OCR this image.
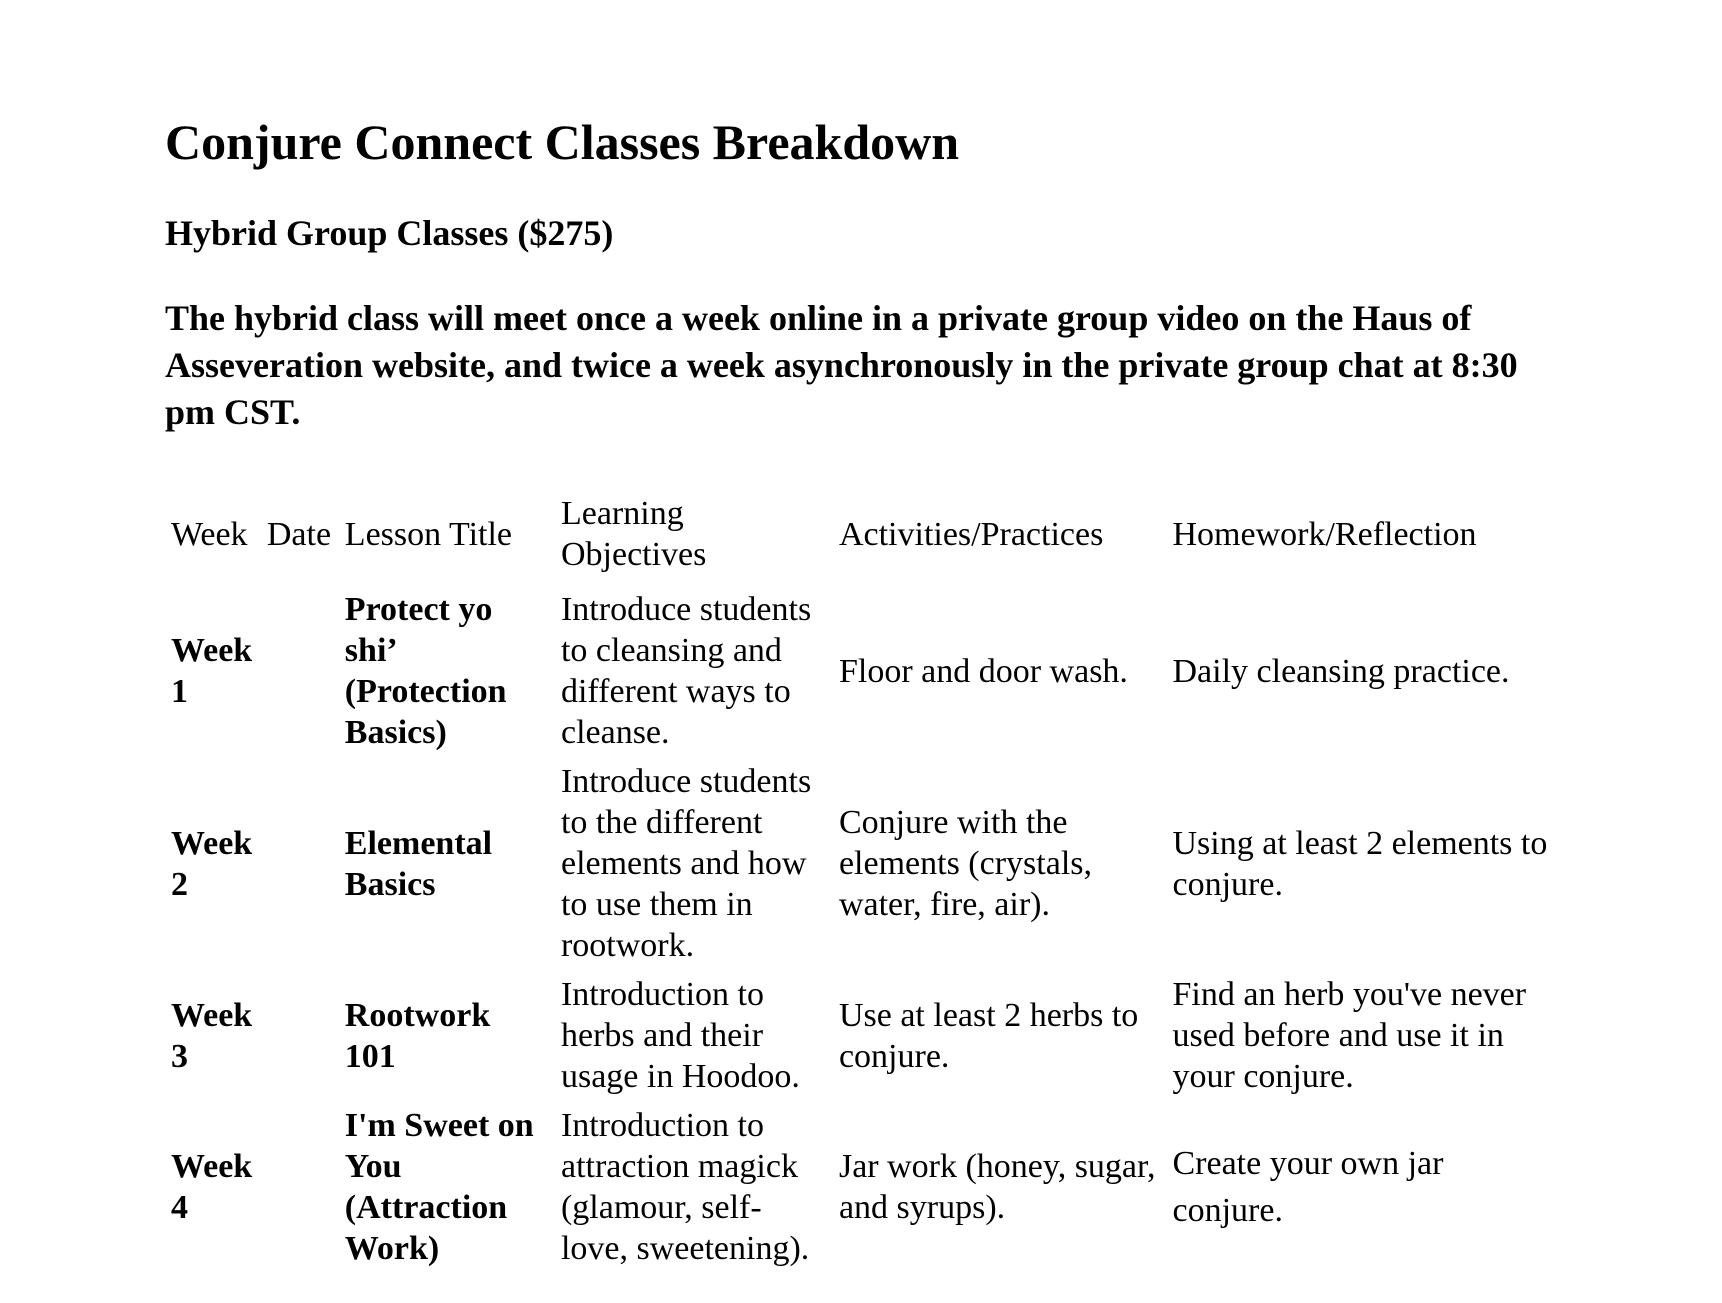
Conjure Connect Classes Breakdown
Hybrid Group Classes ($275)

The hybrid class will meet once a week online in a private group video on the Haus of Asseveration website, and twice a week asynchronously in the private group chat at 8:30 pm CST.

Week	Date	Lesson Title	Learning Objectives	Activities/Practices	Homework/Reflection
Week 1		Protect yo shi’ (Protection Basics)	Introduce students to cleansing and different ways to cleanse.	Floor and door wash.	Daily cleansing practice.
Week 2		Elemental Basics	Introduce students to the different elements and how to use them in rootwork.	Conjure with the elements (crystals, water, fire, air).	Using at least 2 elements to conjure.
Week 3		Rootwork 101	Introduction to herbs and their usage in Hoodoo.	Use at least 2 herbs to conjure.	Find an herb you've never used before and use it in your conjure.
Week 4		I'm Sweet on You (Attraction Work)	Introduction to attraction magick (glamour, self-love, sweetening).	Jar work (honey, sugar, and syrups).	Create your own jar conjure.
